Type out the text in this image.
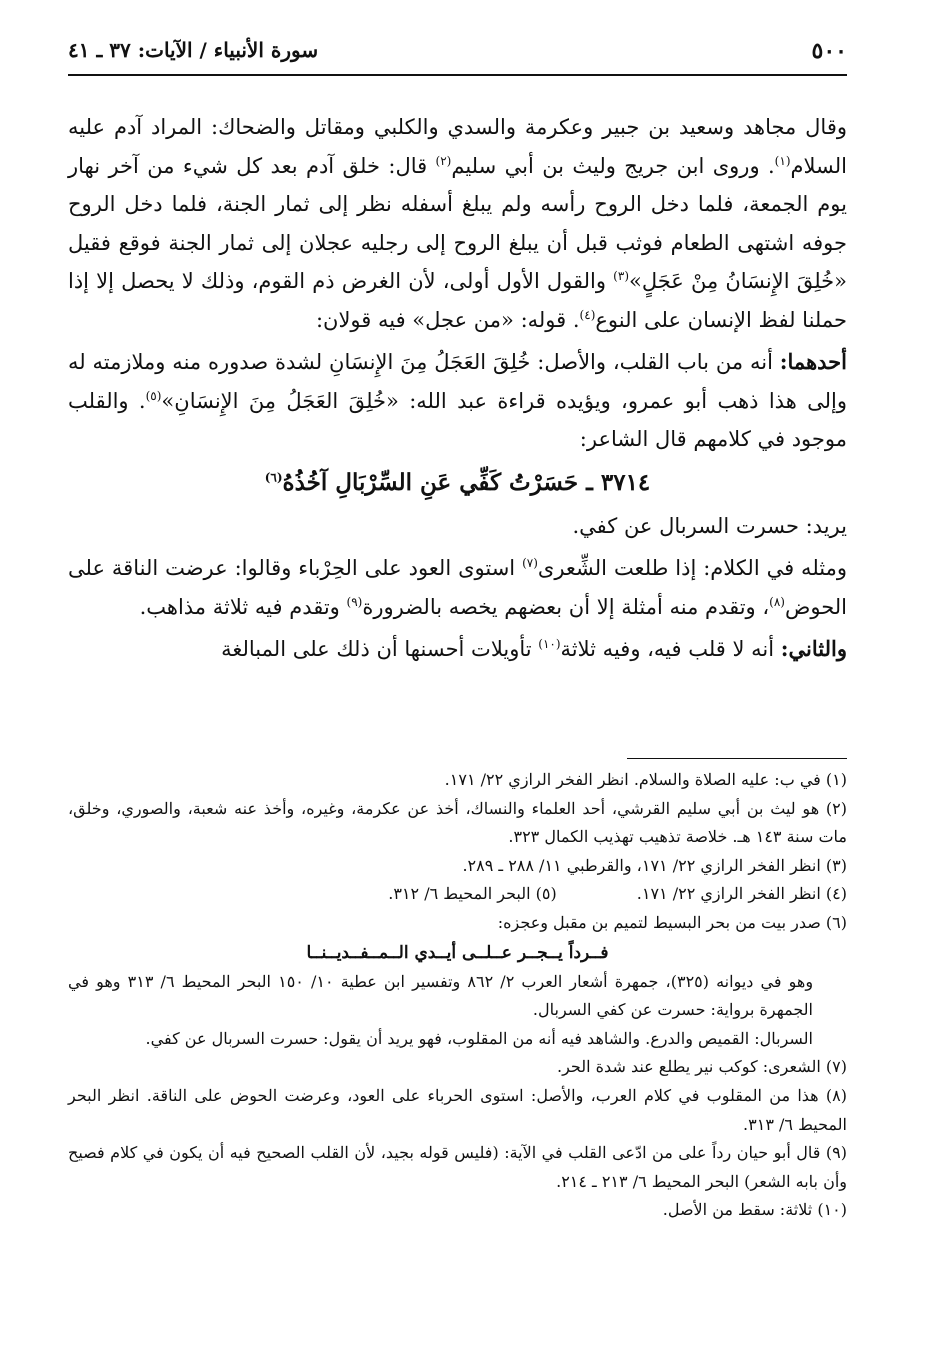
٥٠٠
سورة الأنبياء / الآيات: ٣٧ ـ ٤١

وقال مجاهد وسعيد بن جبير وعكرمة والسدي والكلبي ومقاتل والضحاك: المراد آدم عليه السلام$^{(١)}$. وروى ابن جريج وليث بن أبي سليم$^{(٢)}$ قال: خلق آدم بعد كل شيء من آخر نهار يوم الجمعة، فلما دخل الروح رأسه ولم يبلغ أسفله نظر إلى ثمار الجنة، فلما دخل الروح جوفه اشتهى الطعام فوثب قبل أن يبلغ الروح إلى رجليه عجلان إلى ثمار الجنة فوقع فقيل «خُلِقَ الإِنسَانُ مِنْ عَجَلٍ»$^{(٣)}$ والقول الأول أولى، لأن الغرض ذم القوم، وذلك لا يحصل إلا إذا حملنا لفظ الإنسان على النوع$^{(٤)}$. قوله: «من عجل» فيه قولان:

أحدهما: أنه من باب القلب، والأصل: خُلِقَ العَجَلُ مِنَ الإِنسَانِ لشدة صدوره منه وملازمته له وإلى هذا ذهب أبو عمرو، ويؤيده قراءة عبد الله: «خُلِقَ العَجَلُ مِنَ الإِنسَانِ»$^{(٥)}$. والقلب موجود في كلامهم قال الشاعر:

٣٧١٤ ـ حَسَرْتُ كَفِّي عَنِ السِّرْبَالِ آخُذُهُ$^{(٦)}$

يريد: حسرت السربال عن كفي.

ومثله في الكلام: إذا طلعت الشِّعرى$^{(٧)}$ استوى العود على الحِرْباء وقالوا: عرضت الناقة على الحوض$^{(٨)}$، وتقدم منه أمثلة إلا أن بعضهم يخصه بالضرورة$^{(٩)}$ وتقدم فيه ثلاثة مذاهب.

والثاني: أنه لا قلب فيه، وفيه ثلاثة$^{(١٠)}$ تأويلات أحسنها أن ذلك على المبالغة

(١) في ب: عليه الصلاة والسلام. انظر الفخر الرازي ٢٢/ ١٧١.
(٢) هو ليث بن أبي سليم القرشي، أحد العلماء والنساك، أخذ عن عكرمة، وغيره، وأخذ عنه شعبة، والصوري، وخلق، مات سنة ١٤٣ هـ. خلاصة تذهيب تهذيب الكمال ٣٢٣.
(٣) انظر الفخر الرازي ٢٢/ ١٧١، والقرطبي ١١/ ٢٨٨ ـ ٢٨٩.
(٤) انظر الفخر الرازي ٢٢/ ١٧١.
(٥) البحر المحيط ٦/ ٣١٢.
(٦) صدر بيت من بحر البسيط لتميم بن مقبل وعجزه:
فــرداً يــجــر عــلــى أيــدي الــمــفــديــنــا
وهو في ديوانه (٣٢٥)، جمهرة أشعار العرب ٢/ ٨٦٢ وتفسير ابن عطية ١٠/ ١٥٠ البحر المحيط ٦/ ٣١٣ وهو في الجمهرة برواية: حسرت عن كفي السربال.
السربال: القميص والدرع. والشاهد فيه أنه من المقلوب، فهو يريد أن يقول: حسرت السربال عن كفي.
(٧) الشعرى: كوكب نير يطلع عند شدة الحر.
(٨) هذا من المقلوب في كلام العرب، والأصل: استوى الحرباء على العود، وعرضت الحوض على الناقة. انظر البحر المحيط ٦/ ٣١٣.
(٩) قال أبو حيان رداً على من ادّعى القلب في الآية: (فليس قوله بجيد، لأن القلب الصحيح فيه أن يكون في كلام فصيح وأن بابه الشعر) البحر المحيط ٦/ ٢١٣ ـ ٢١٤.
(١٠) ثلاثة: سقط من الأصل.
